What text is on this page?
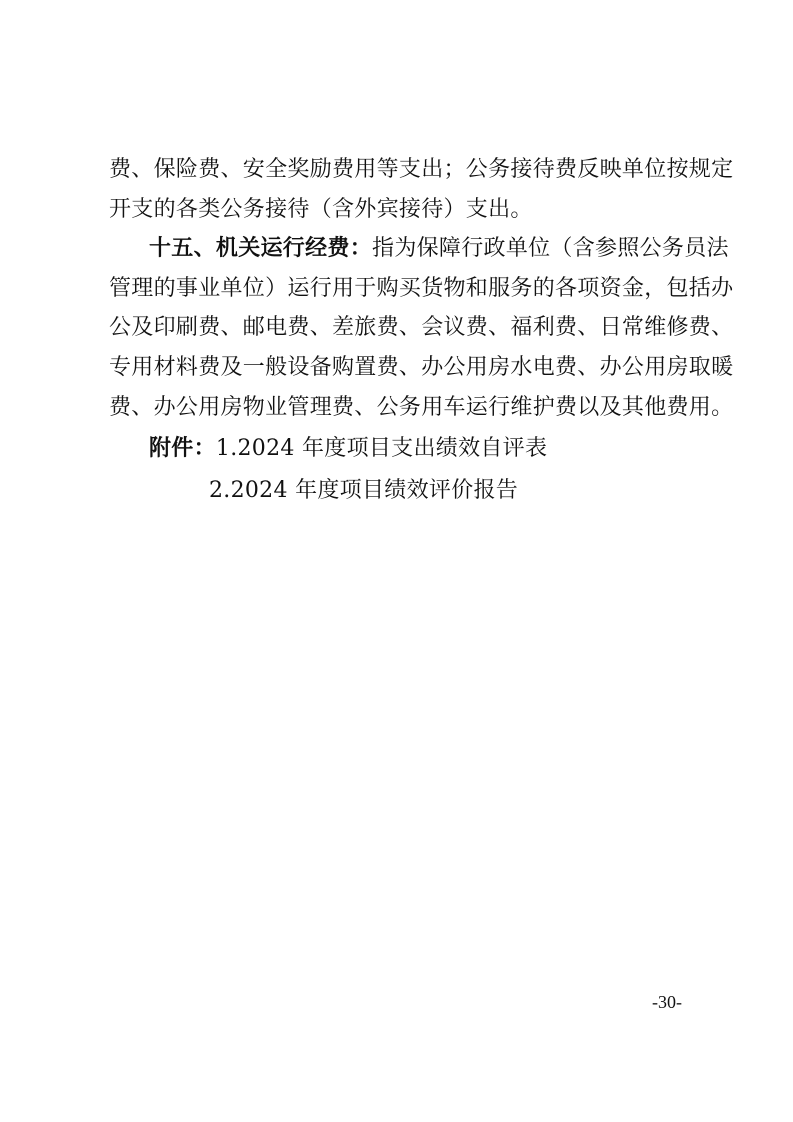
费、保险费、安全奖励费用等支出；公务接待费反映单位按规定
开支的各类公务接待（含外宾接待）支出。
十五、机关运行经费：指为保障行政单位（含参照公务员法
管理的事业单位）运行用于购买货物和服务的各项资金，包括办
公及印刷费、邮电费、差旅费、会议费、福利费、日常维修费、
专用材料费及一般设备购置费、办公用房水电费、办公用房取暖
费、办公用房物业管理费、公务用车运行维护费以及其他费用。
附件：1.2024 年度项目支出绩效自评表
2.2024 年度项目绩效评价报告
-30-
